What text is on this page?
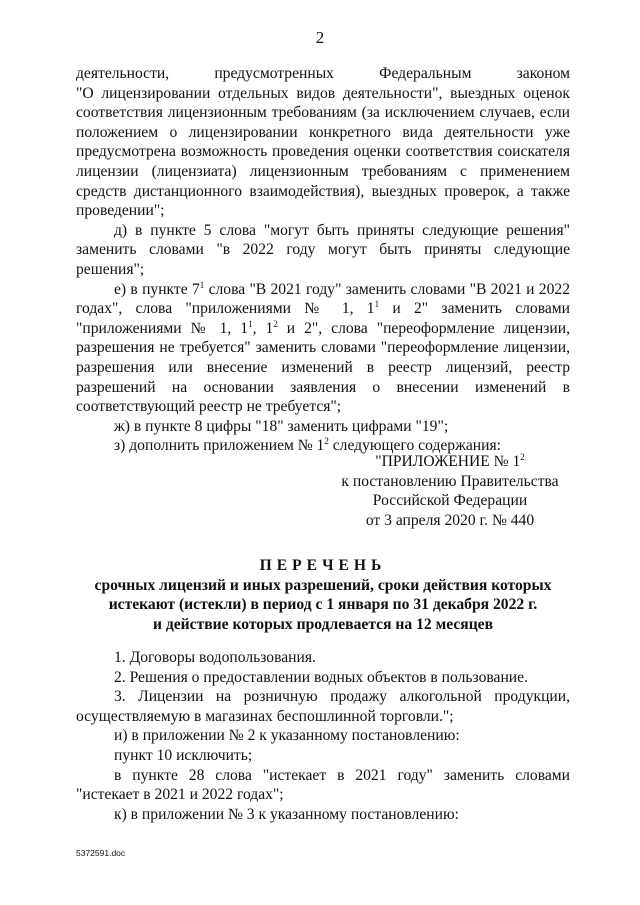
2

деятельности, предусмотренных Федеральным законом

"О лицензировании отдельных видов деятельности", выездных оценок соответствия лицензионным требованиям (за исключением случаев, если положением о лицензировании конкретного вида деятельности уже предусмотрена возможность проведения оценки соответствия соискателя лицензии (лицензиата) лицензионным требованиям с применением средств дистанционного взаимодействия), выездных проверок, а также проведении";

д) в пункте 5 слова "могут быть приняты следующие решения" заменить словами "в 2022 году могут быть приняты следующие решения";

е) в пункте $7^1$ слова "В 2021 году" заменить словами "В 2021 и 2022 годах", слова "приложениями № 1, $1^1$ и 2" заменить словами "приложениями № 1, $1^1$, $1^2$ и 2", слова "переоформление лицензии, разрешения не требуется" заменить словами "переоформление лицензии, разрешения или внесение изменений в реестр лицензий, реестр разрешений на основании заявления о внесении изменений в соответствующий реестр не требуется";

ж) в пункте 8 цифры "18" заменить цифрами "19";

з) дополнить приложением № $1^2$ следующего содержания:

"ПРИЛОЖЕНИЕ № $1^2$
к постановлению Правительства
Российской Федерации
от 3 апреля 2020 г. № 440
ПЕРЕЧЕНЬ
срочных лицензий и иных разрешений, сроки действия которых
истекают (истекли) в период с 1 января по 31 декабря 2022 г.
и действие которых продлевается на 12 месяцев

1. Договоры водопользования.

2. Решения о предоставлении водных объектов в пользование.

3. Лицензии на розничную продажу алкогольной продукции, осуществляемую в магазинах беспошлинной торговли.";

и) в приложении № 2 к указанному постановлению:

пункт 10 исключить;

в пункте 28 слова "истекает в 2021 году" заменить словами "истекает в 2021 и 2022 годах";

к) в приложении № 3 к указанному постановлению:

5372591.doc
